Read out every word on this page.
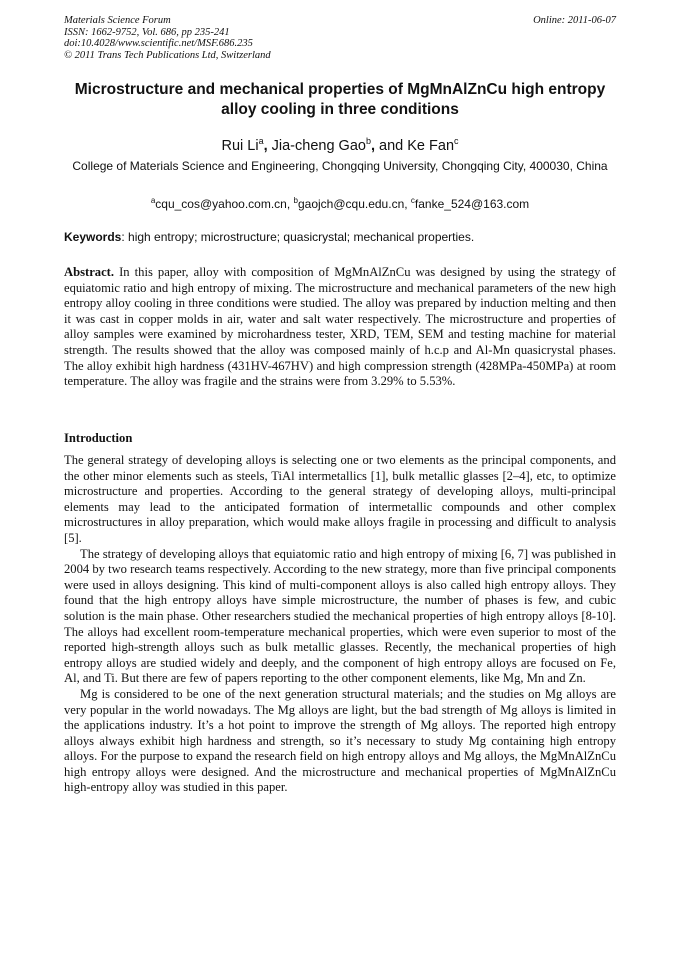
Materials Science Forum
ISSN: 1662-9752, Vol. 686, pp 235-241
doi:10.4028/www.scientific.net/MSF.686.235
© 2011 Trans Tech Publications Ltd, Switzerland
Online: 2011-06-07
Microstructure and mechanical properties of MgMnAlZnCu high entropy alloy cooling in three conditions
Rui Li$^a$, Jia-cheng Gao$^b$, and Ke Fan$^c$
College of Materials Science and Engineering, Chongqing University, Chongqing City, 400030, China
$^a$cqu_cos@yahoo.com.cn, $^b$gaojch@cqu.edu.cn, $^c$fanke_524@163.com
Keywords: high entropy; microstructure; quasicrystal; mechanical properties.
Abstract. In this paper, alloy with composition of MgMnAlZnCu was designed by using the strategy of equiatomic ratio and high entropy of mixing. The microstructure and mechanical parameters of the new high entropy alloy cooling in three conditions were studied. The alloy was prepared by induction melting and then it was cast in copper molds in air, water and salt water respectively. The microstructure and properties of alloy samples were examined by microhardness tester, XRD, TEM, SEM and testing machine for material strength. The results showed that the alloy was composed mainly of h.c.p and Al-Mn quasicrystal phases. The alloy exhibit high hardness (431HV-467HV) and high compression strength (428MPa-450MPa) at room temperature. The alloy was fragile and the strains were from 3.29% to 5.53%.
Introduction

The general strategy of developing alloys is selecting one or two elements as the principal components, and the other minor elements such as steels, TiAl intermetallics [1], bulk metallic glasses [2–4], etc, to optimize microstructure and properties. According to the general strategy of developing alloys, multi-principal elements may lead to the anticipated formation of intermetallic compounds and other complex microstructures in alloy preparation, which would make alloys fragile in processing and difficult to analysis [5].

The strategy of developing alloys that equiatomic ratio and high entropy of mixing [6, 7] was published in 2004 by two research teams respectively. According to the new strategy, more than five principal components were used in alloys designing. This kind of multi-component alloys is also called high entropy alloys. They found that the high entropy alloys have simple microstructure, the number of phases is few, and cubic solution is the main phase. Other researchers studied the mechanical properties of high entropy alloys [8-10]. The alloys had excellent room-temperature mechanical properties, which were even superior to most of the reported high-strength alloys such as bulk metallic glasses. Recently, the mechanical properties of high entropy alloys are studied widely and deeply, and the component of high entropy alloys are focused on Fe, Al, and Ti. But there are few of papers reporting to the other component elements, like Mg, Mn and Zn.

Mg is considered to be one of the next generation structural materials; and the studies on Mg alloys are very popular in the world nowadays. The Mg alloys are light, but the bad strength of Mg alloys is limited in the applications industry. It’s a hot point to improve the strength of Mg alloys. The reported high entropy alloys always exhibit high hardness and strength, so it’s necessary to study Mg containing high entropy alloys. For the purpose to expand the research field on high entropy alloys and Mg alloys, the MgMnAlZnCu high entropy alloys were designed. And the microstructure and mechanical properties of MgMnAlZnCu high-entropy alloy was studied in this paper.
